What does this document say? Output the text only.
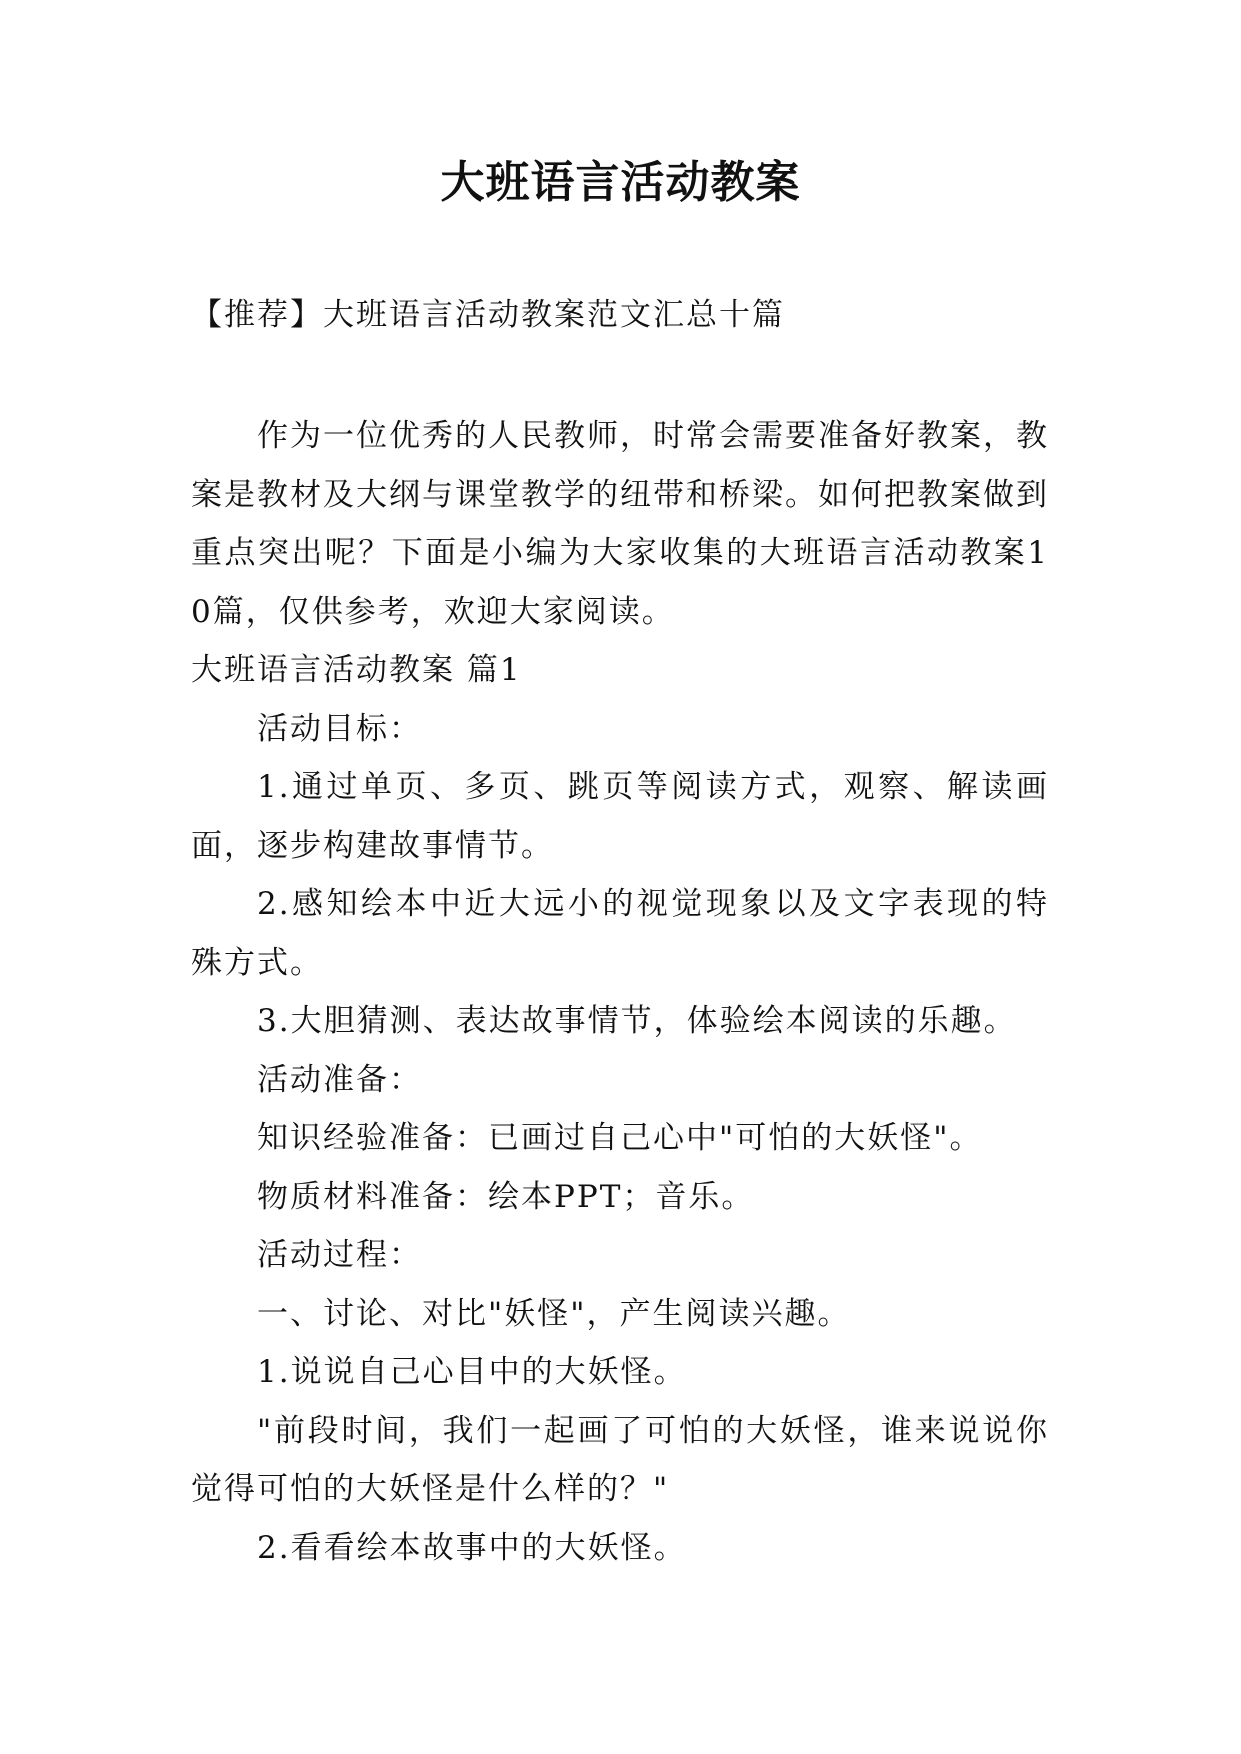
大班语言活动教案
【推荐】大班语言活动教案范文汇总十篇

作为一位优秀的人民教师，时常会需要准备好教案，教案是教材及大纲与课堂教学的纽带和桥梁。如何把教案做到重点突出呢？下面是小编为大家收集的大班语言活动教案10篇，仅供参考，欢迎大家阅读。

大班语言活动教案 篇1

活动目标：

1.通过单页、多页、跳页等阅读方式，观察、解读画面，逐步构建故事情节。

2.感知绘本中近大远小的视觉现象以及文字表现的特殊方式。

3.大胆猜测、表达故事情节，体验绘本阅读的乐趣。

活动准备：

知识经验准备：已画过自己心中"可怕的大妖怪"。

物质材料准备：绘本PPT；音乐。

活动过程：

一、讨论、对比"妖怪"，产生阅读兴趣。

1.说说自己心目中的大妖怪。

"前段时间，我们一起画了可怕的大妖怪，谁来说说你觉得可怕的大妖怪是什么样的？"

2.看看绘本故事中的大妖怪。
